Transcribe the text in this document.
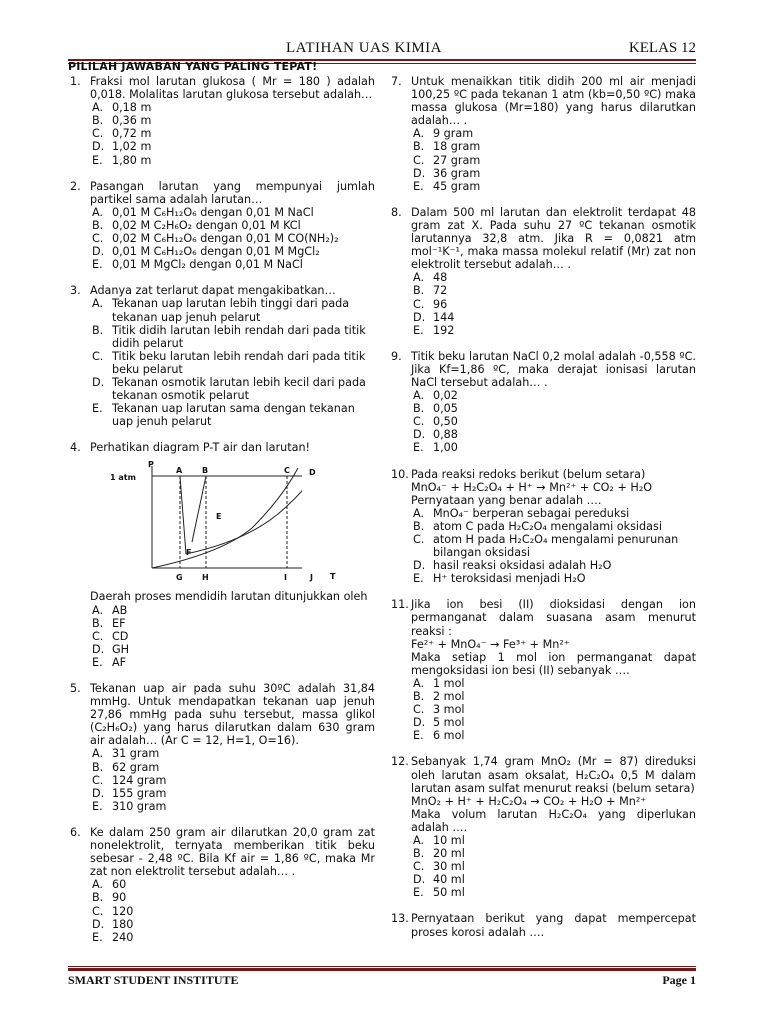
LATIHAN UAS KIMIA	KELAS 12
PILILAH JAWABAN YANG PALING TEPAT!
1. Fraksi mol larutan glukosa ( Mr = 180 ) adalah 0,018. Molalitas larutan glukosa tersebut adalah…
A. 0,18 m
B. 0,36 m
C. 0,72 m
D. 1,02 m
E. 1,80 m
2. Pasangan larutan yang mempunyai jumlah partikel sama adalah larutan…
A. 0,01 M C₆H₁₂O₆ dengan 0,01 M NaCl
B. 0,02 M C₂H₆O₂ dengan 0,01 M KCl
C. 0,02 M C₆H₁₂O₆ dengan 0,01 M CO(NH₂)₂
D. 0,01 M C₆H₁₂O₆ dengan 0,01 M MgCl₂
E. 0,01 M MgCl₂ dengan 0,01 M NaCl
3. Adanya zat terlarut dapat mengakibatkan…
A. Tekanan uap larutan lebih tinggi dari pada tekanan uap jenuh pelarut
B. Titik didih larutan lebih rendah dari pada titik didih pelarut
C. Titik beku larutan lebih rendah dari pada titik beku pelarut
D. Tekanan osmotik larutan lebih kecil dari pada tekanan osmotik pelarut
E. Tekanan uap larutan sama dengan tekanan uap jenuh pelarut
4. Perhatikan diagram P-T air dan larutan!
P
T
1 atm
A B	C D
E
F
G H	I	J
Daerah proses mendidih larutan ditunjukkan oleh
A. AB
B. EF
C. CD
D. GH
E. AF
5. Tekanan uap air pada suhu 30ºC adalah 31,84 mmHg. Untuk mendapatkan tekanan uap jenuh 27,86 mmHg pada suhu tersebut, massa glikol (C₂H₆O₂) yang harus dilarutkan dalam 630 gram air adalah… (Ar C = 12, H=1, O=16).
A. 31 gram
B. 62 gram
C. 124 gram
D. 155 gram
E. 310 gram
6. Ke dalam 250 gram air dilarutkan 20,0 gram zat nonelektrolit, ternyata memberikan titik beku sebesar - 2,48 ºC. Bila Kf air = 1,86 ºC, maka Mr zat non elektrolit tersebut adalah… .
A. 60
B. 90
C. 120
D. 180
E. 240
7. Untuk menaikkan titik didih 200 ml air menjadi 100,25 ºC pada tekanan 1 atm (kb=0,50 ºC) maka massa glukosa (Mr=180) yang harus dilarutkan adalah… .
A. 9 gram
B. 18 gram
C. 27 gram
D. 36 gram
E. 45 gram
8. Dalam 500 ml larutan dan elektrolit terdapat 48 gram zat X. Pada suhu 27 ºC tekanan osmotik larutannya 32,8 atm. Jika R = 0,0821 atm mol⁻¹K⁻¹, maka massa molekul relatif (Mr) zat non elektrolit tersebut adalah… .
A. 48
B. 72
C. 96
D. 144
E. 192
9. Titik beku larutan NaCl 0,2 molal adalah -0,558 ºC. Jika Kf=1,86 ºC, maka derajat ionisasi larutan NaCl tersebut adalah… .
A. 0,02
B. 0,05
C. 0,50
D. 0,88
E. 1,00
10. Pada reaksi redoks berikut (belum setara)
MnO₄⁻ + H₂C₂O₄ + H⁺ → Mn²⁺ + CO₂ + H₂O
Pernyataan yang benar adalah ….
A. MnO₄⁻ berperan sebagai pereduksi
B. atom C pada H₂C₂O₄ mengalami oksidasi
C. atom H pada H₂C₂O₄ mengalami penurunan bilangan oksidasi
D. hasil reaksi oksidasi adalah H₂O
E. H⁺ teroksidasi menjadi H₂O
11. Jika ion besi (II) dioksidasi dengan ion permanganat dalam suasana asam menurut reaksi :
Fe²⁺ + MnO₄⁻ → Fe³⁺ + Mn²⁺
Maka setiap 1 mol ion permanganat dapat mengoksidasi ion besi (II) sebanyak ….
A. 1 mol
B. 2 mol
C. 3 mol
D. 5 mol
E. 6 mol
12. Sebanyak 1,74 gram MnO₂ (Mr = 87) direduksi oleh larutan asam oksalat, H₂C₂O₄ 0,5 M dalam larutan asam sulfat menurut reaksi (belum setara)
MnO₂ + H⁺ + H₂C₂O₄ → CO₂ + H₂O + Mn²⁺
Maka volum larutan H₂C₂O₄ yang diperlukan adalah ….
A. 10 ml
B. 20 ml
C. 30 ml
D. 40 ml
E. 50 ml
13. Pernyataan berikut yang dapat mempercepat proses korosi adalah ….
SMART STUDENT INSTITUTE	Page 1
